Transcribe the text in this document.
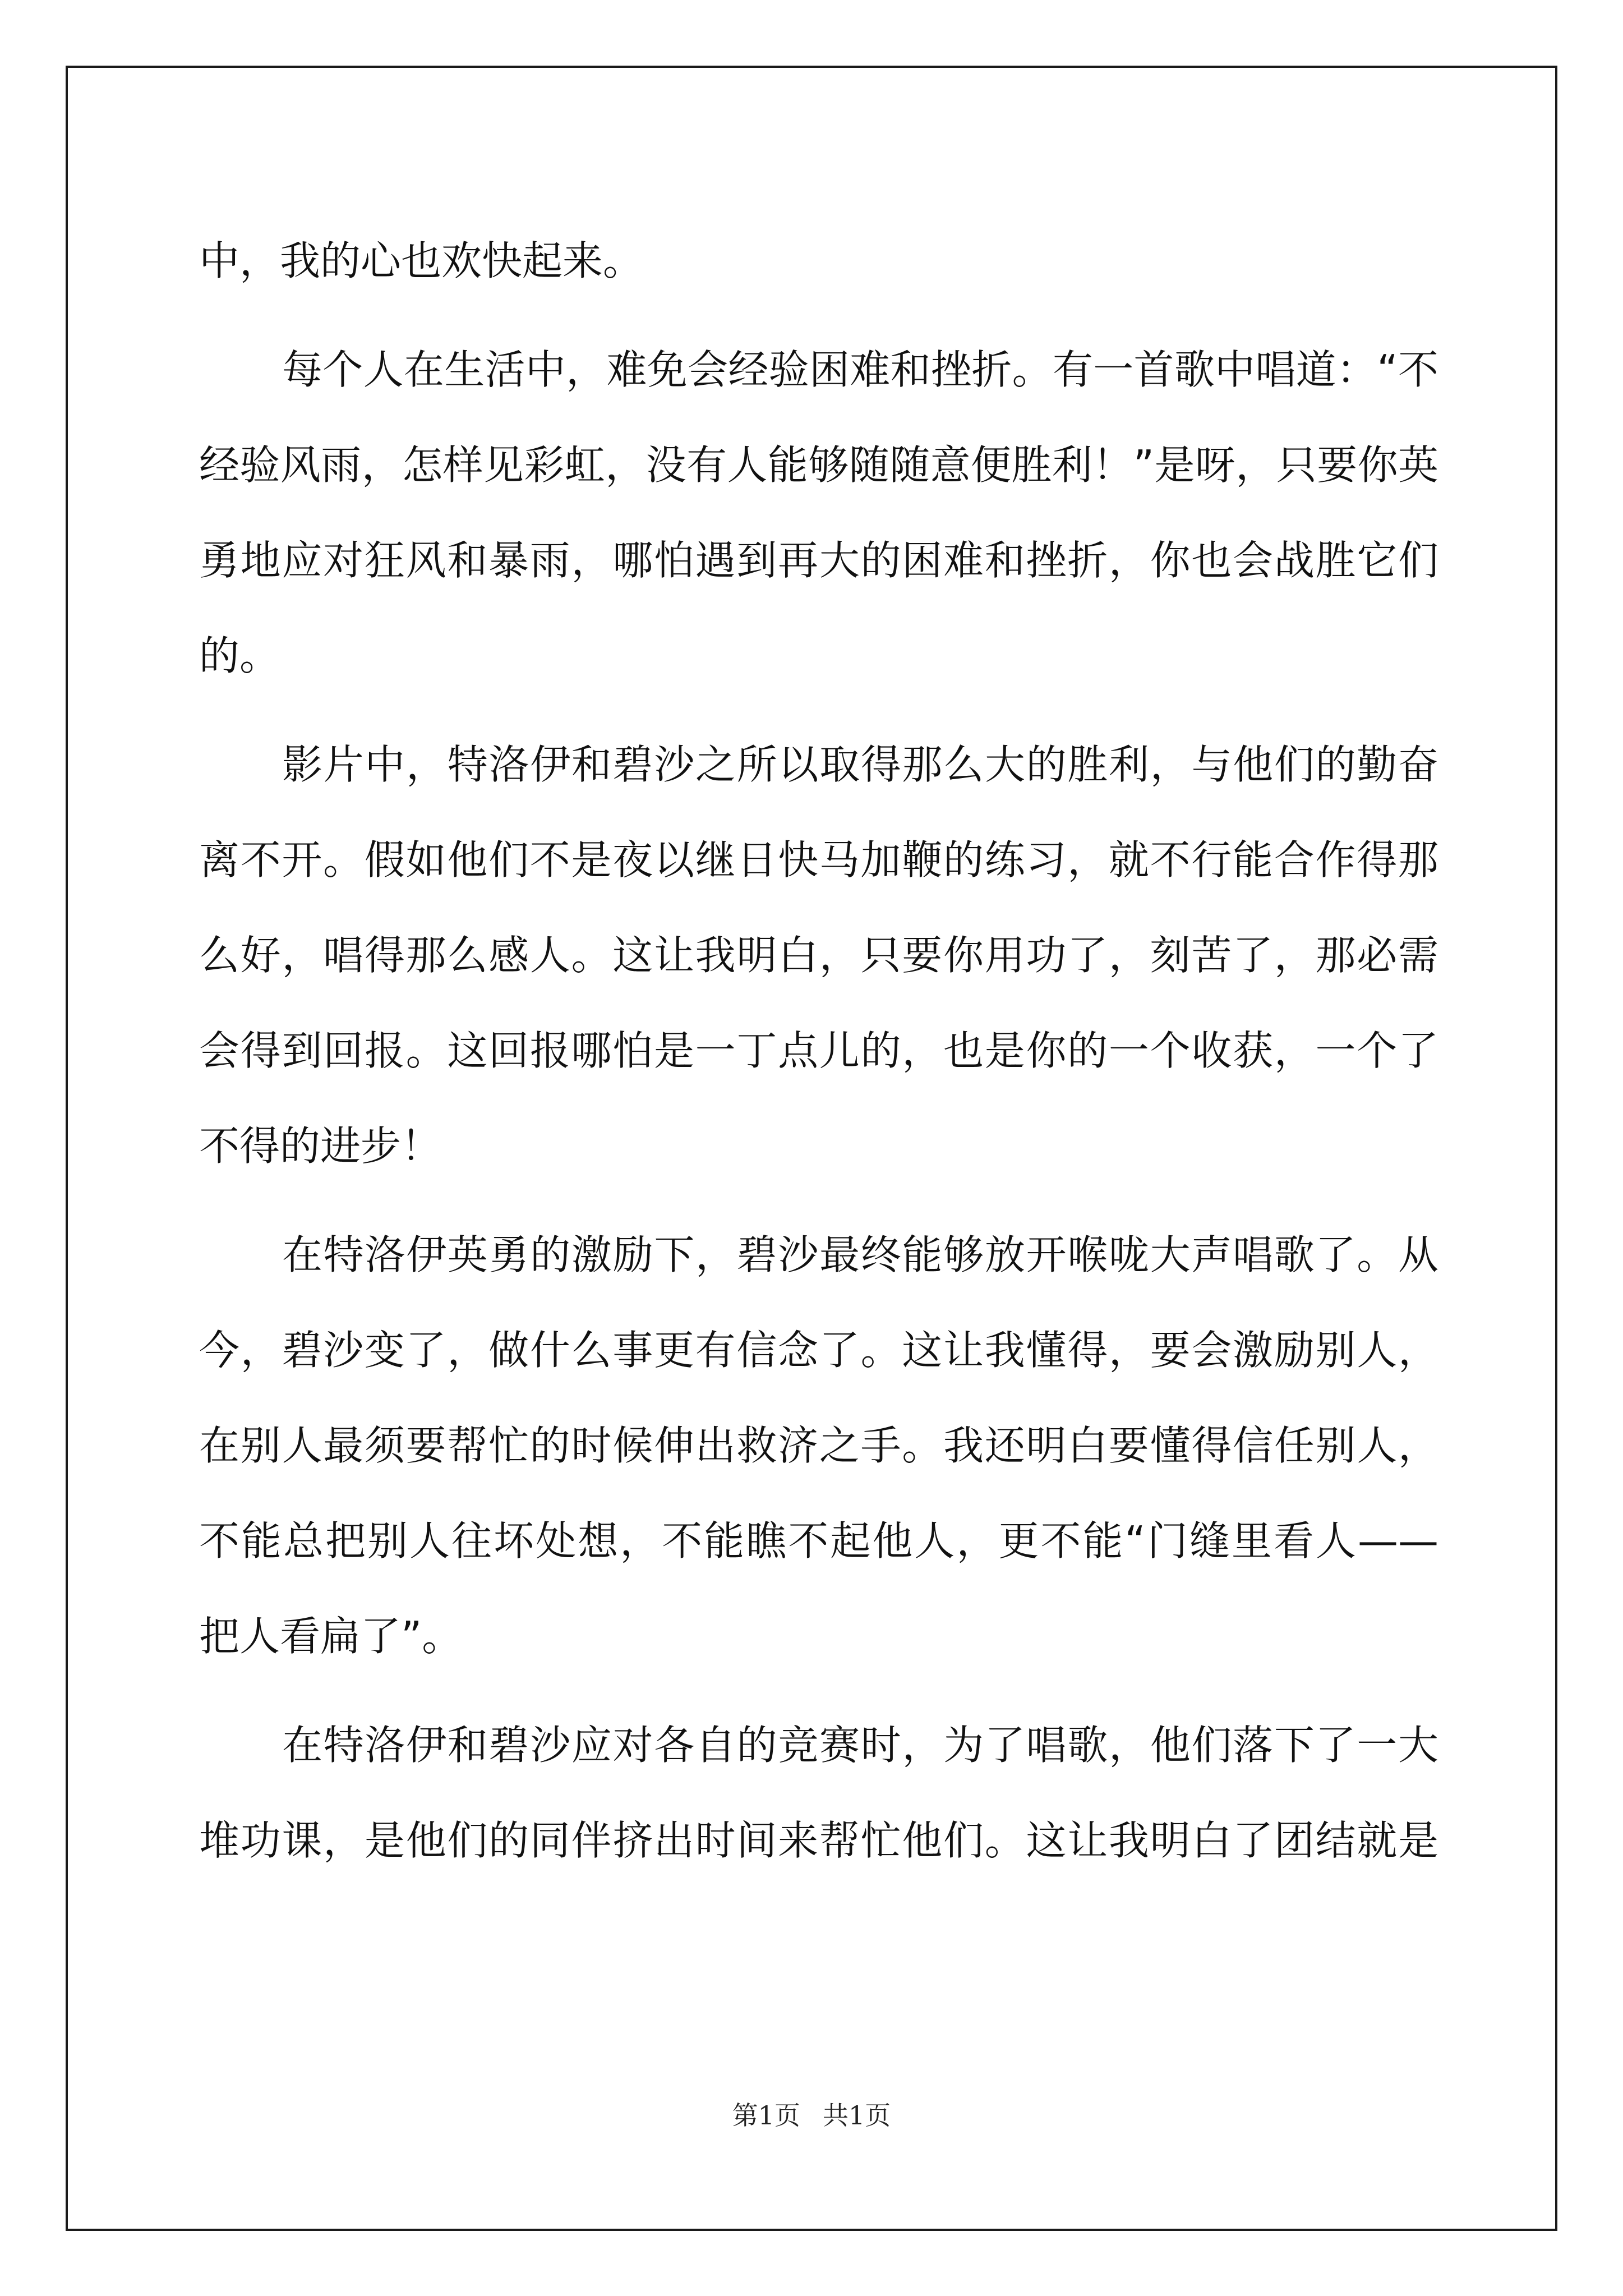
中，我的心也欢快起来。
每个人在生活中，难免会经验困难和挫折。有一首歌中唱道：“不
经验风雨，怎样见彩虹，没有人能够随随意便胜利！”是呀，只要你英
勇地应对狂风和暴雨，哪怕遇到再大的困难和挫折，你也会战胜它们
的。
影片中，特洛伊和碧沙之所以取得那么大的胜利，与他们的勤奋
离不开。假如他们不是夜以继日快马加鞭的练习，就不行能合作得那
么好，唱得那么感人。这让我明白，只要你用功了，刻苦了，那必需
会得到回报。这回报哪怕是一丁点儿的，也是你的一个收获，一个了
不得的进步！
在特洛伊英勇的激励下，碧沙最终能够放开喉咙大声唱歌了。从
今，碧沙变了，做什么事更有信念了。这让我懂得，要会激励别人，
在别人最须要帮忙的时候伸出救济之手。我还明白要懂得信任别人，
不能总把别人往坏处想，不能瞧不起他人，更不能“门缝里看人——
把人看扁了”。
在特洛伊和碧沙应对各自的竞赛时，为了唱歌，他们落下了一大
堆功课，是他们的同伴挤出时间来帮忙他们。这让我明白了团结就是
第1页 共1页
